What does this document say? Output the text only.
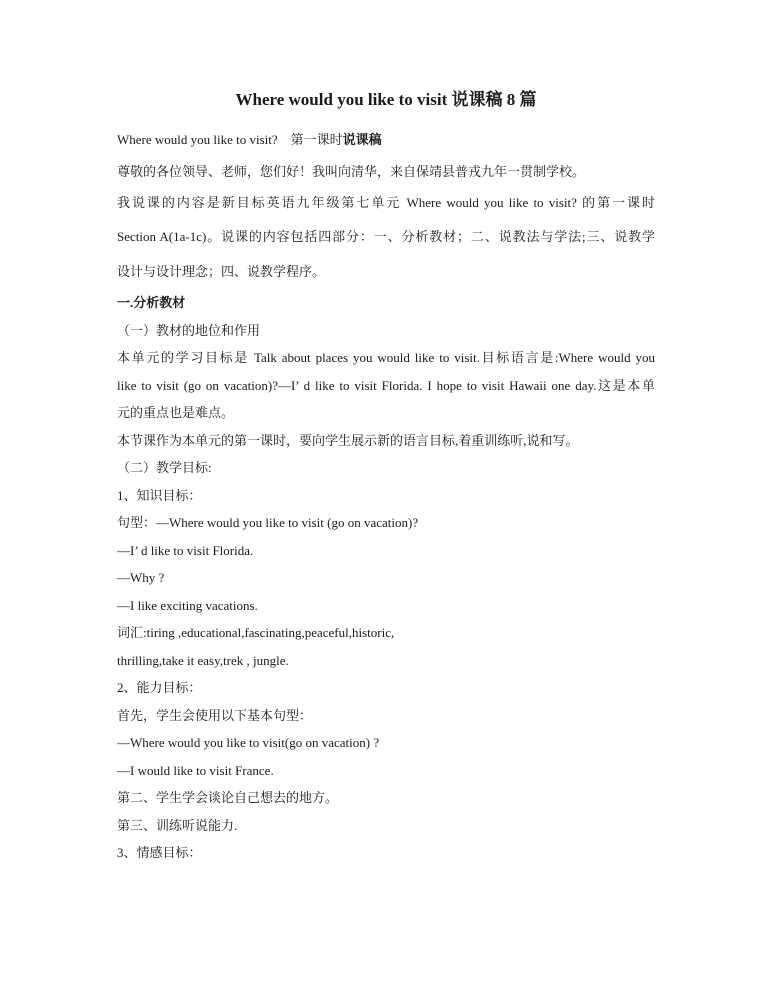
Where would you like to visit 说课稿 8 篇
Where would you like to visit?　第一课时说课稿
尊敬的各位领导、老师，您们好！我叫向清华，来自保靖县普戎九年一贯制学校。
我说课的内容是新目标英语九年级第七单元 Where would you like to visit? 的第一课时
Section A(1a-1c)。说课的内容包括四部分：一、分析教材；二、说教法与学法;三、说教学
设计与设计理念；四、说教学程序。
一.分析教材
（一）教材的地位和作用
本单元的学习目标是 Talk about places you would like to visit.目标语言是:Where would you
like to visit (go on vacation)?—I’ d like to visit Florida. I hope to visit Hawaii one day.这是本单
元的重点也是难点。
本节课作为本单元的第一课时，要向学生展示新的语言目标,着重训练听,说和写。
（二）教学目标:
1、知识目标：
句型：—Where would you like to visit (go on vacation)?
—I’ d like to visit Florida.
—Why ?
—I like exciting vacations.
词汇:tiring ,educational,fascinating,peaceful,historic,
thrilling,take it easy,trek , jungle.
2、能力目标：
首先，学生会使用以下基本句型：
—Where would you like to visit(go on vacation) ?
—I would like to visit France.
第二、学生学会谈论自己想去的地方。
第三、训练听说能力.
3、情感目标：
